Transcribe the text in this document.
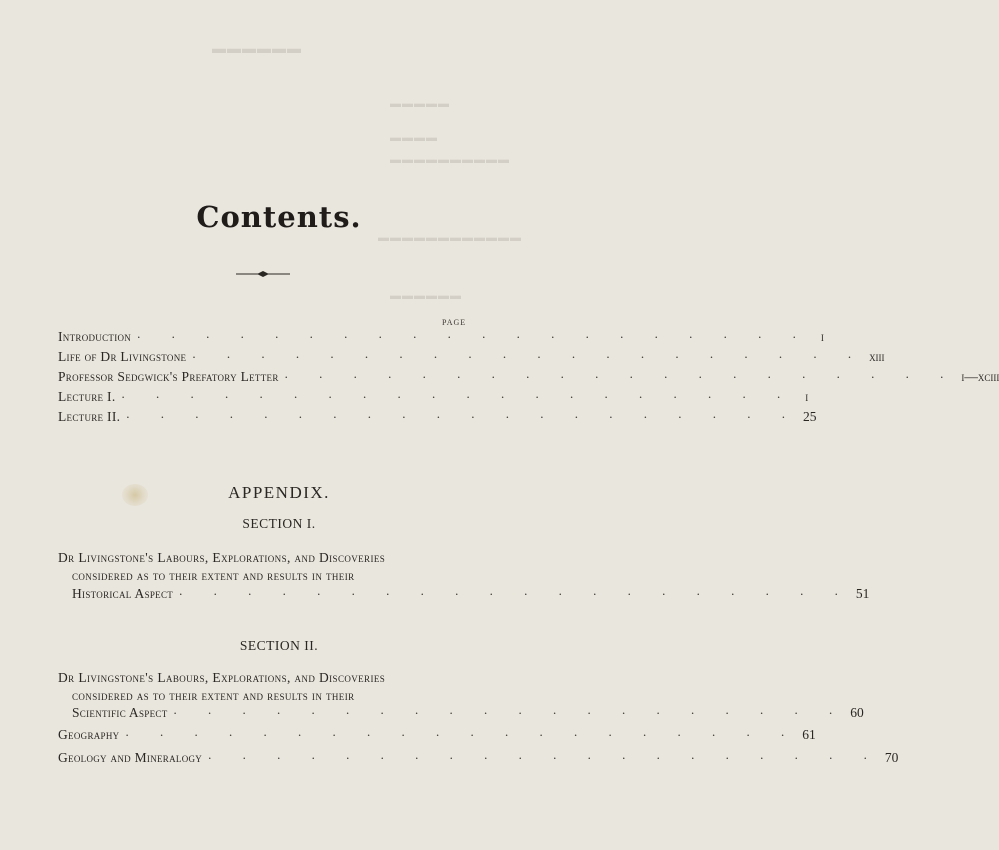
▬▬▬▬▬▬
▬▬▬▬▬
▬▬▬▬
▬▬▬▬▬▬▬▬▬▬
▬▬▬▬▬▬▬▬▬▬▬▬
▬▬▬▬▬▬
Contents.
PAGE
Introduction . . . . . . . . . . . . . . . . . . . . i
Life of Dr Livingstone . . . . . . . . . . . . . . . . . . . . xiii
Professor Sedgwick's Prefatory Letter . . . . . . . . . . . . . . . . . . . . i—xciii
Lecture I. . . . . . . . . . . . . . . . . . . . . i
Lecture II. . . . . . . . . . . . . . . . . . . . . 25
APPENDIX.
SECTION I.
Dr Livingstone's Labours, Explorations, and Discoveries
considered as to their extent and results in their
Historical Aspect . . . . . . . . . . . . . . . . . . . . 51
SECTION II.
Dr Livingstone's Labours, Explorations, and Discoveries
considered as to their extent and results in their
Scientific Aspect . . . . . . . . . . . . . . . . . . . . 60
Geography . . . . . . . . . . . . . . . . . . . . 61
Geology and Mineralogy . . . . . . . . . . . . . . . . . . . . 70
